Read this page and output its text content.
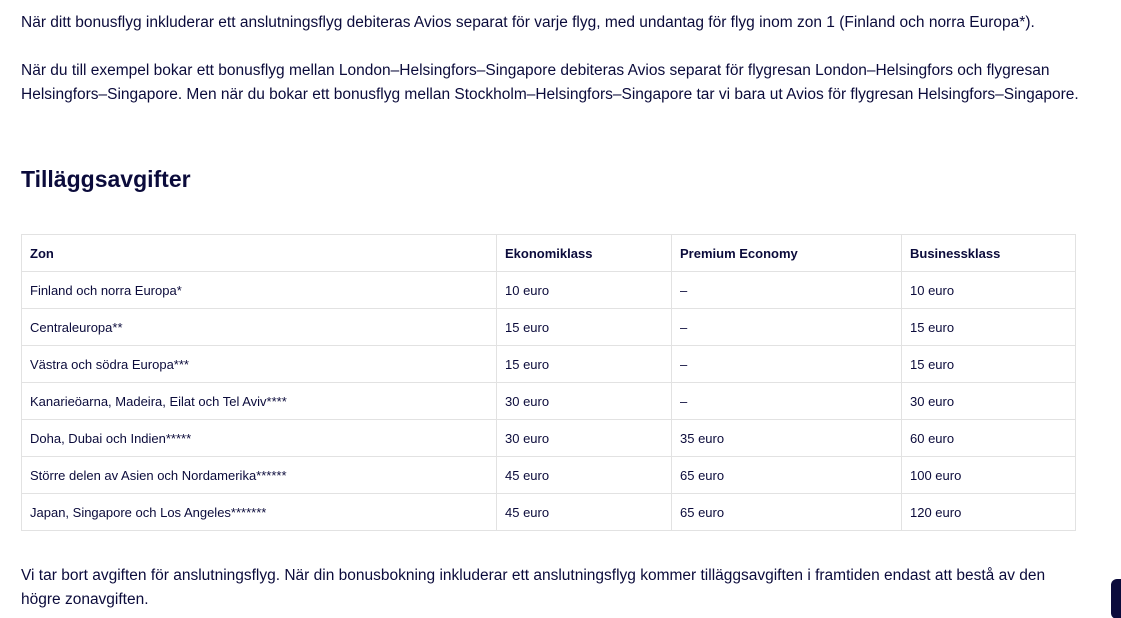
När ditt bonusflyg inkluderar ett anslutningsflyg debiteras Avios separat för varje flyg, med undantag för flyg inom zon 1 (Finland och norra Europa*).

När du till exempel bokar ett bonusflyg mellan London–Helsingfors–Singapore debiteras Avios separat för flygresan London–Helsingfors och flygresan Helsingfors–Singapore. Men när du bokar ett bonusflyg mellan Stockholm–Helsingfors–Singapore tar vi bara ut Avios för flygresan Helsingfors–Singapore.

Tilläggsavgifter
Zon	Ekonomiklass	Premium Economy	Businessklass
Finland och norra Europa*	10 euro	–	10 euro
Centraleuropa**	15 euro	–	15 euro
Västra och södra Europa***	15 euro	–	15 euro
Kanarieöarna, Madeira, Eilat och Tel Aviv****	30 euro	–	30 euro
Doha, Dubai och Indien*****	30 euro	35 euro	60 euro
Större delen av Asien och Nordamerika******	45 euro	65 euro	100 euro
Japan, Singapore och Los Angeles*******	45 euro	65 euro	120 euro

Vi tar bort avgiften för anslutningsflyg. När din bonusbokning inkluderar ett anslutningsflyg kommer tilläggsavgiften i framtiden endast att bestå av den högre zonavgiften.
